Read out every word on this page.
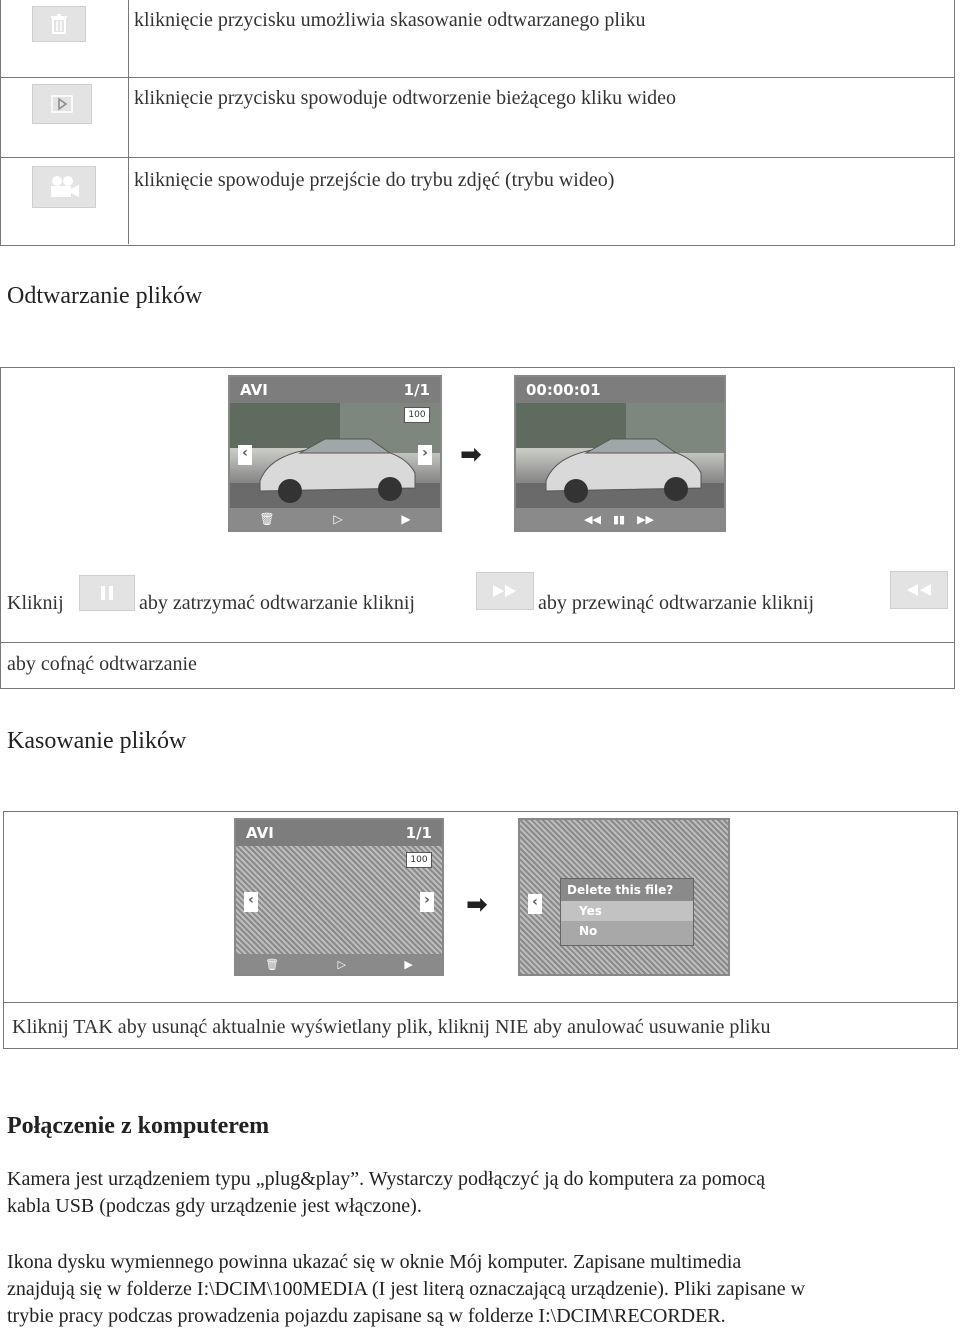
kliknięcie przycisku umożliwia skasowanie odtwarzanego pliku
kliknięcie przycisku spowoduje odtworzenie bieżącego kliku wideo
kliknięcie spowoduje przejście do trybu zdjęć (trybu wideo)
Odtwarzanie plików
AVI	1/1
100
‹	›
🗑	▷	▶
➡
00:00:01
◀◀ ▮▮ ▶▶
Kliknij	aby zatrzymać odtwarzanie kliknij	aby przewinąć odtwarzanie kliknij
aby cofnąć odtwarzanie
Kasowanie plików
AVI	1/1
100
‹	›
🗑	▷	▶
➡	‹
Delete this file?
Yes
No
Kliknij TAK aby usunąć aktualnie wyświetlany plik, kliknij NIE aby anulować usuwanie pliku
Połączenie z komputerem
Kamera jest urządzeniem typu „plug&play”. Wystarczy podłączyć ją do komputera za pomocą
kabla USB (podczas gdy urządzenie jest włączone).
Ikona dysku wymiennego powinna ukazać się w oknie Mój komputer. Zapisane multimedia
znajdują się w folderze I:\DCIM\100MEDIA (I jest literą oznaczającą urządzenie). Pliki zapisane w
trybie pracy podczas prowadzenia pojazdu zapisane są w folderze I:\DCIM\RECORDER.
